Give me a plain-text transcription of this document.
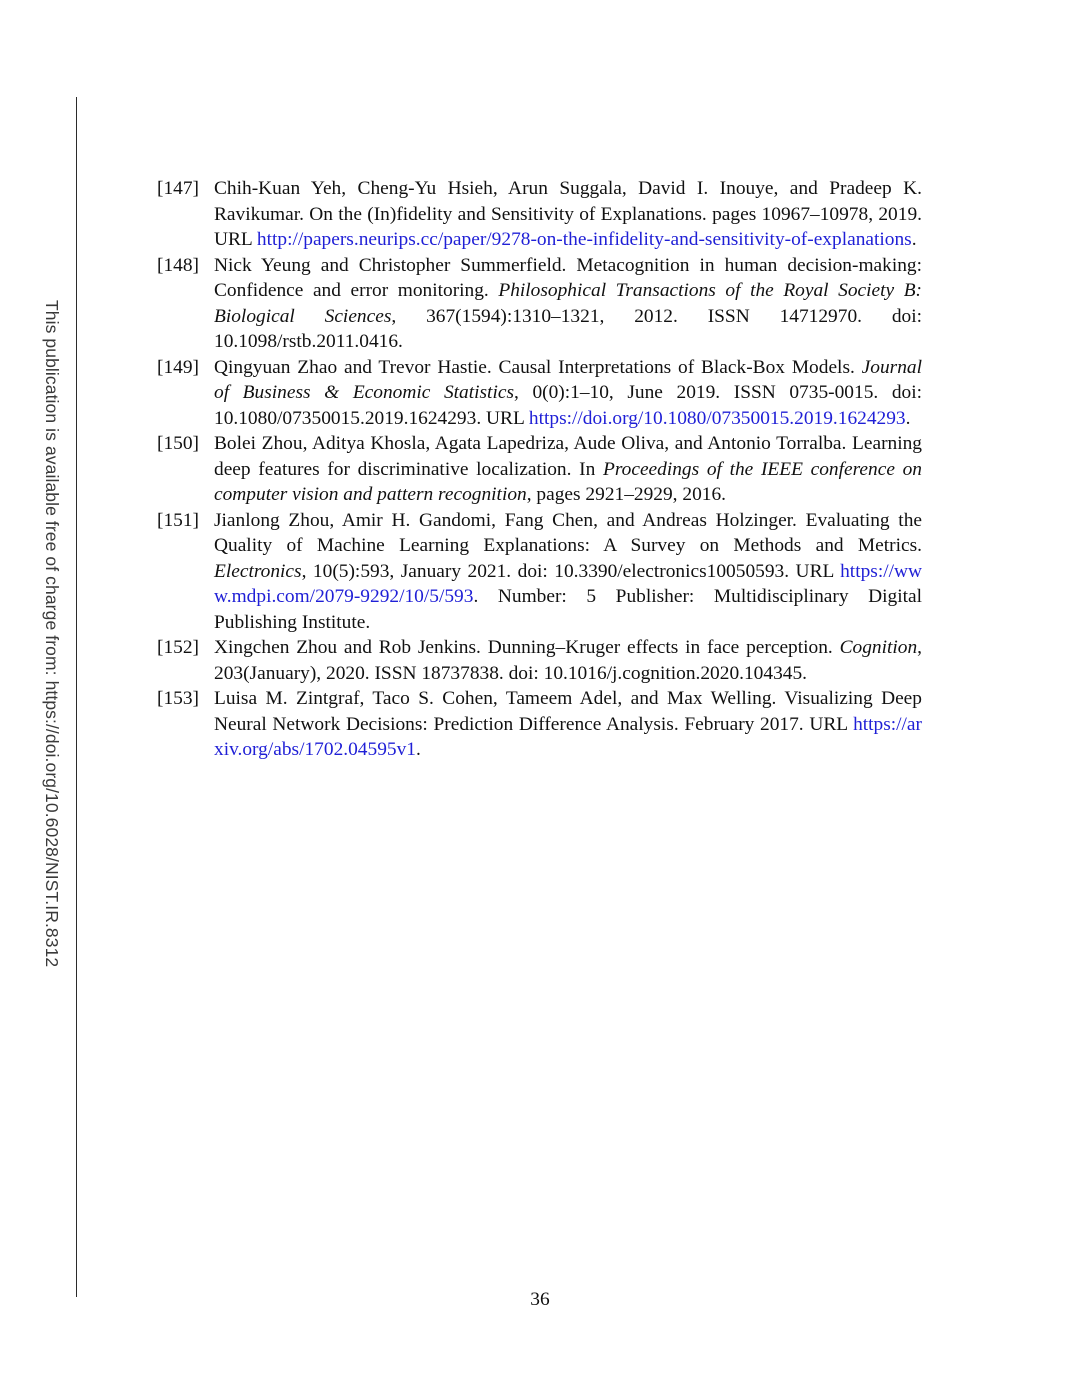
This publication is available free of charge from: https://doi.org/10.6028/NIST.IR.8312
[147] Chih-Kuan Yeh, Cheng-Yu Hsieh, Arun Suggala, David I. Inouye, and Pradeep K. Ravikumar. On the (In)fidelity and Sensitivity of Explanations. pages 10967–10978, 2019. URL http://papers.neurips.cc/paper/9278-on-the-infidelity-and-sensitivity-of-explanations.
[148] Nick Yeung and Christopher Summerfield. Metacognition in human decision-making: Confidence and error monitoring. Philosophical Transactions of the Royal Society B: Biological Sciences, 367(1594):1310–1321, 2012. ISSN 14712970. doi: 10.1098/rstb.2011.0416.
[149] Qingyuan Zhao and Trevor Hastie. Causal Interpretations of Black-Box Models. Journal of Business & Economic Statistics, 0(0):1–10, June 2019. ISSN 0735-0015. doi: 10.1080/07350015.2019.1624293. URL https://doi.org/10.1080/07350015.2019.1624293.
[150] Bolei Zhou, Aditya Khosla, Agata Lapedriza, Aude Oliva, and Antonio Torralba. Learning deep features for discriminative localization. In Proceedings of the IEEE conference on computer vision and pattern recognition, pages 2921–2929, 2016.
[151] Jianlong Zhou, Amir H. Gandomi, Fang Chen, and Andreas Holzinger. Evaluating the Quality of Machine Learning Explanations: A Survey on Methods and Metrics. Electronics, 10(5):593, January 2021. doi: 10.3390/electronics10050593. URL https://www.mdpi.com/2079-9292/10/5/593. Number: 5 Publisher: Multidisciplinary Digital Publishing Institute.
[152] Xingchen Zhou and Rob Jenkins. Dunning–Kruger effects in face perception. Cognition, 203(January), 2020. ISSN 18737838. doi: 10.1016/j.cognition.2020.104345.
[153] Luisa M. Zintgraf, Taco S. Cohen, Tameem Adel, and Max Welling. Visualizing Deep Neural Network Decisions: Prediction Difference Analysis. February 2017. URL https://arxiv.org/abs/1702.04595v1.
36
